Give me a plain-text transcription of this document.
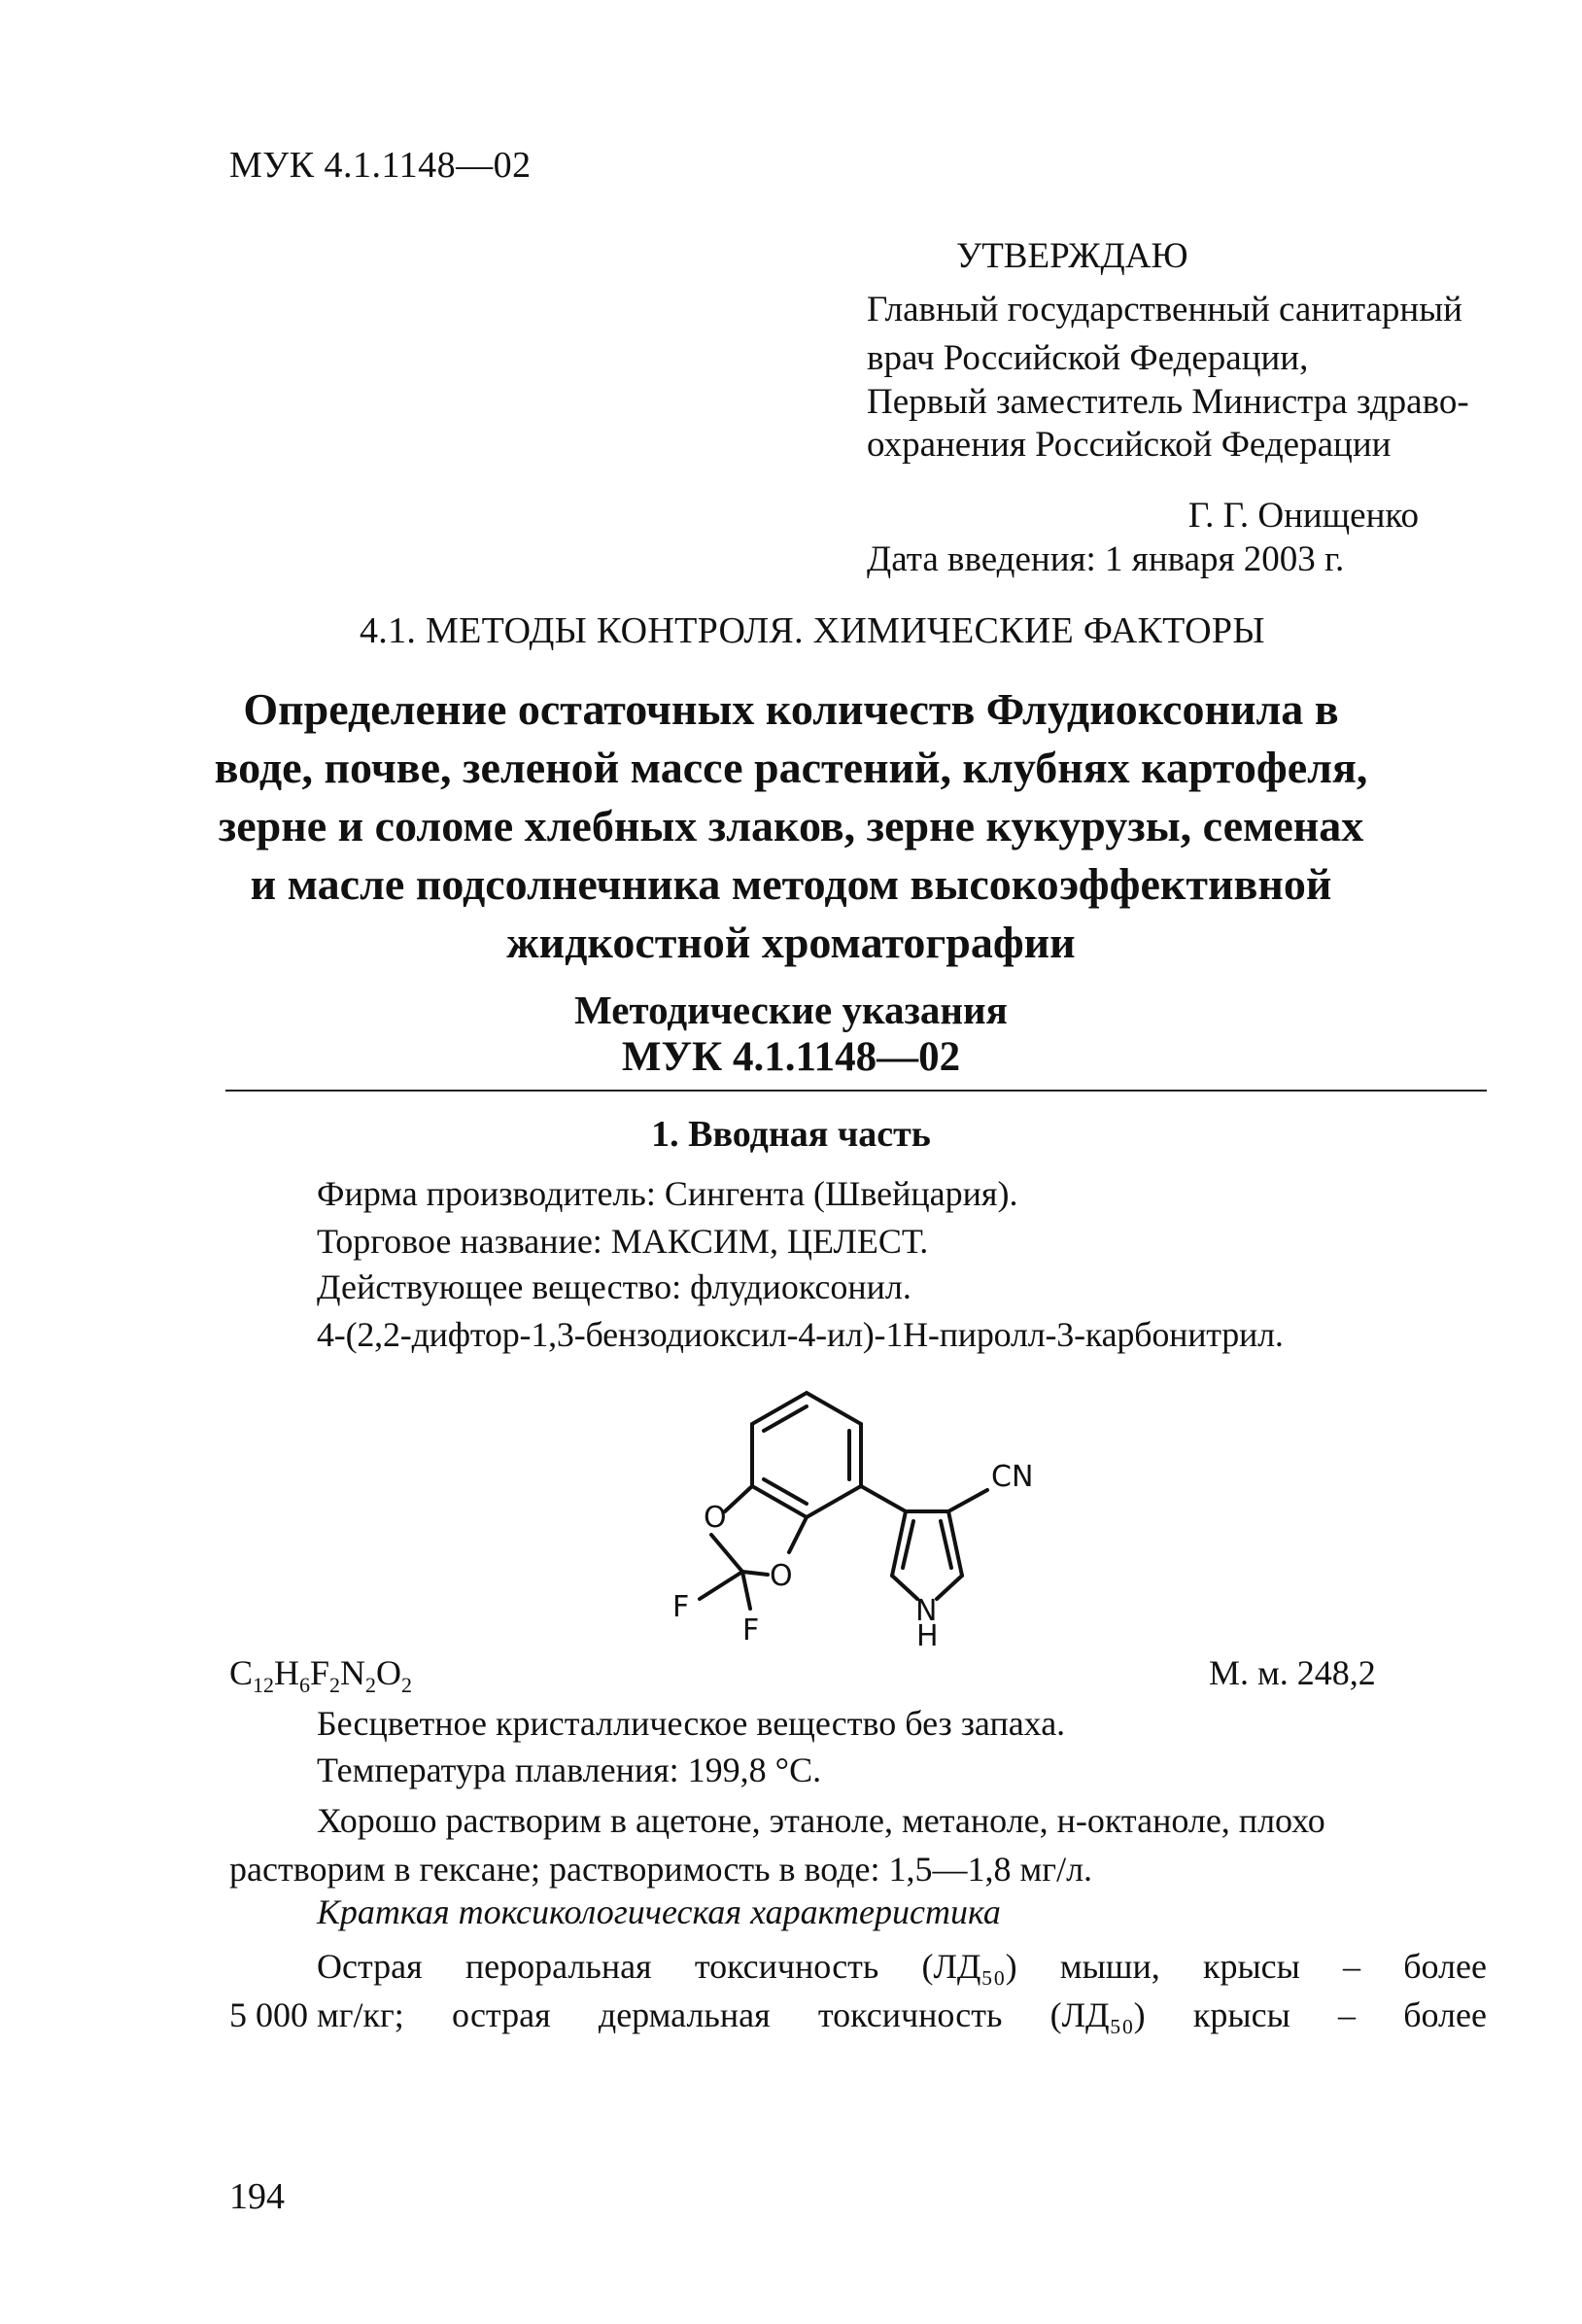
МУК 4.1.1148—02
УТВЕРЖДАЮ
Главный государственный санитарный
врач Российской Федерации,
Первый заместитель Министра здраво-
охранения Российской Федерации
Г. Г. Онищенко
Дата введения: 1 января 2003 г.
4.1. МЕТОДЫ КОНТРОЛЯ. ХИМИЧЕСКИЕ ФАКТОРЫ
Определение остаточных количеств Флудиоксонила в
воде, почве, зеленой массе растений, клубнях картофеля,
зерне и соломе хлебных злаков, зерне кукурузы, семенах
и масле подсолнечника методом высокоэффективной
жидкостной хроматографии
Методические указания
МУК 4.1.1148—02
1. Вводная часть
Фирма производитель: Сингента (Швейцария).
Торговое название: МАКСИМ, ЦЕЛЕСТ.
Действующее вещество: флудиоксонил.
4-(2,2-дифтор-1,3-бензодиоксил-4-ил)-1Н-пиролл-3-карбонитрил.
CN
O
O
F
F
N
H
$C_{12}H_6F_2N_2O_2$	М. м. 248,2
Бесцветное кристаллическое вещество без запаха.
Температура плавления: 199,8 °С.
Хорошо растворим в ацетоне, этаноле, метаноле, н-октаноле, плохо
растворим в гексане; растворимость в воде: 1,5—1,8 мг/л.
Краткая токсикологическая характеристика
Острая пероральная токсичность (ЛД₅₀) мыши, крысы – более
5 000 мг/кг; острая дермальная токсичность (ЛД₅₀) крысы – более
194
